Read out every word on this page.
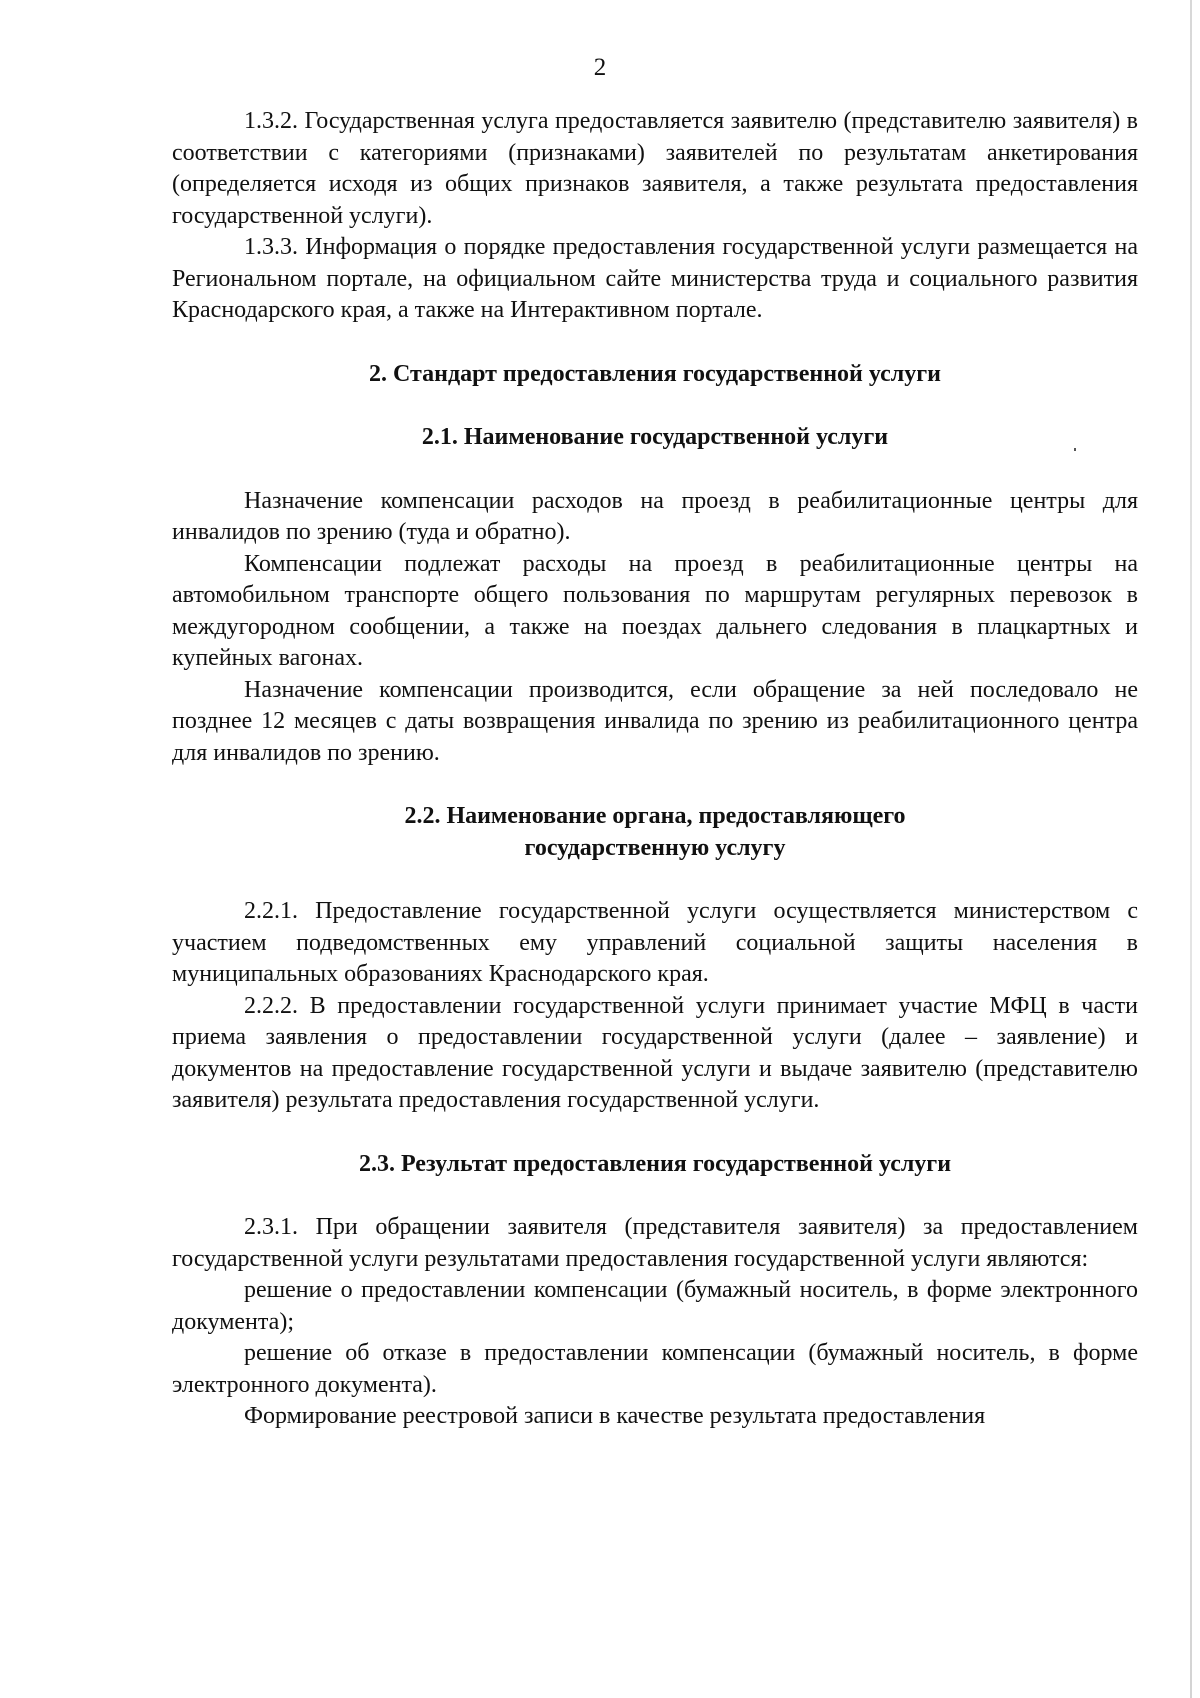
2

1.3.2. Государственная услуга предоставляется заявителю (представителю заявителя) в соответствии с категориями (признаками) заявителей по результатам анкетирования (определяется исходя из общих признаков заявителя, а также результата предоставления государственной услуги).

1.3.3. Информация о порядке предоставления государственной услуги размещается на Региональном портале, на официальном сайте министерства труда и социального развития Краснодарского края, а также на Интерактивном портале.

2. Стандарт предоставления государственной услуги
2.1. Наименование государственной услуги

Назначение компенсации расходов на проезд в реабилитационные центры для инвалидов по зрению (туда и обратно).

Компенсации подлежат расходы на проезд в реабилитационные центры на автомобильном транспорте общего пользования по маршрутам регулярных перевозок в междугородном сообщении, а также на поездах дальнего следования в плацкартных и купейных вагонах.

Назначение компенсации производится, если обращение за ней последовало не позднее 12 месяцев с даты возвращения инвалида по зрению из реабилитационного центра для инвалидов по зрению.

2.2. Наименование органа, предоставляющего
государственную услугу

2.2.1. Предоставление государственной услуги осуществляется министерством с участием подведомственных ему управлений социальной защиты населения в муниципальных образованиях Краснодарского края.

2.2.2. В предоставлении государственной услуги принимает участие МФЦ в части приема заявления о предоставлении государственной услуги (далее – заявление) и документов на предоставление государственной услуги и выдаче заявителю (представителю заявителя) результата предоставления государственной услуги.

2.3. Результат предоставления государственной услуги

2.3.1. При обращении заявителя (представителя заявителя) за предоставлением государственной услуги результатами предоставления государственной услуги являются:

решение о предоставлении компенсации (бумажный носитель, в форме электронного документа);

решение об отказе в предоставлении компенсации (бумажный носитель, в форме электронного документа).

Формирование реестровой записи в качестве результата предоставления
